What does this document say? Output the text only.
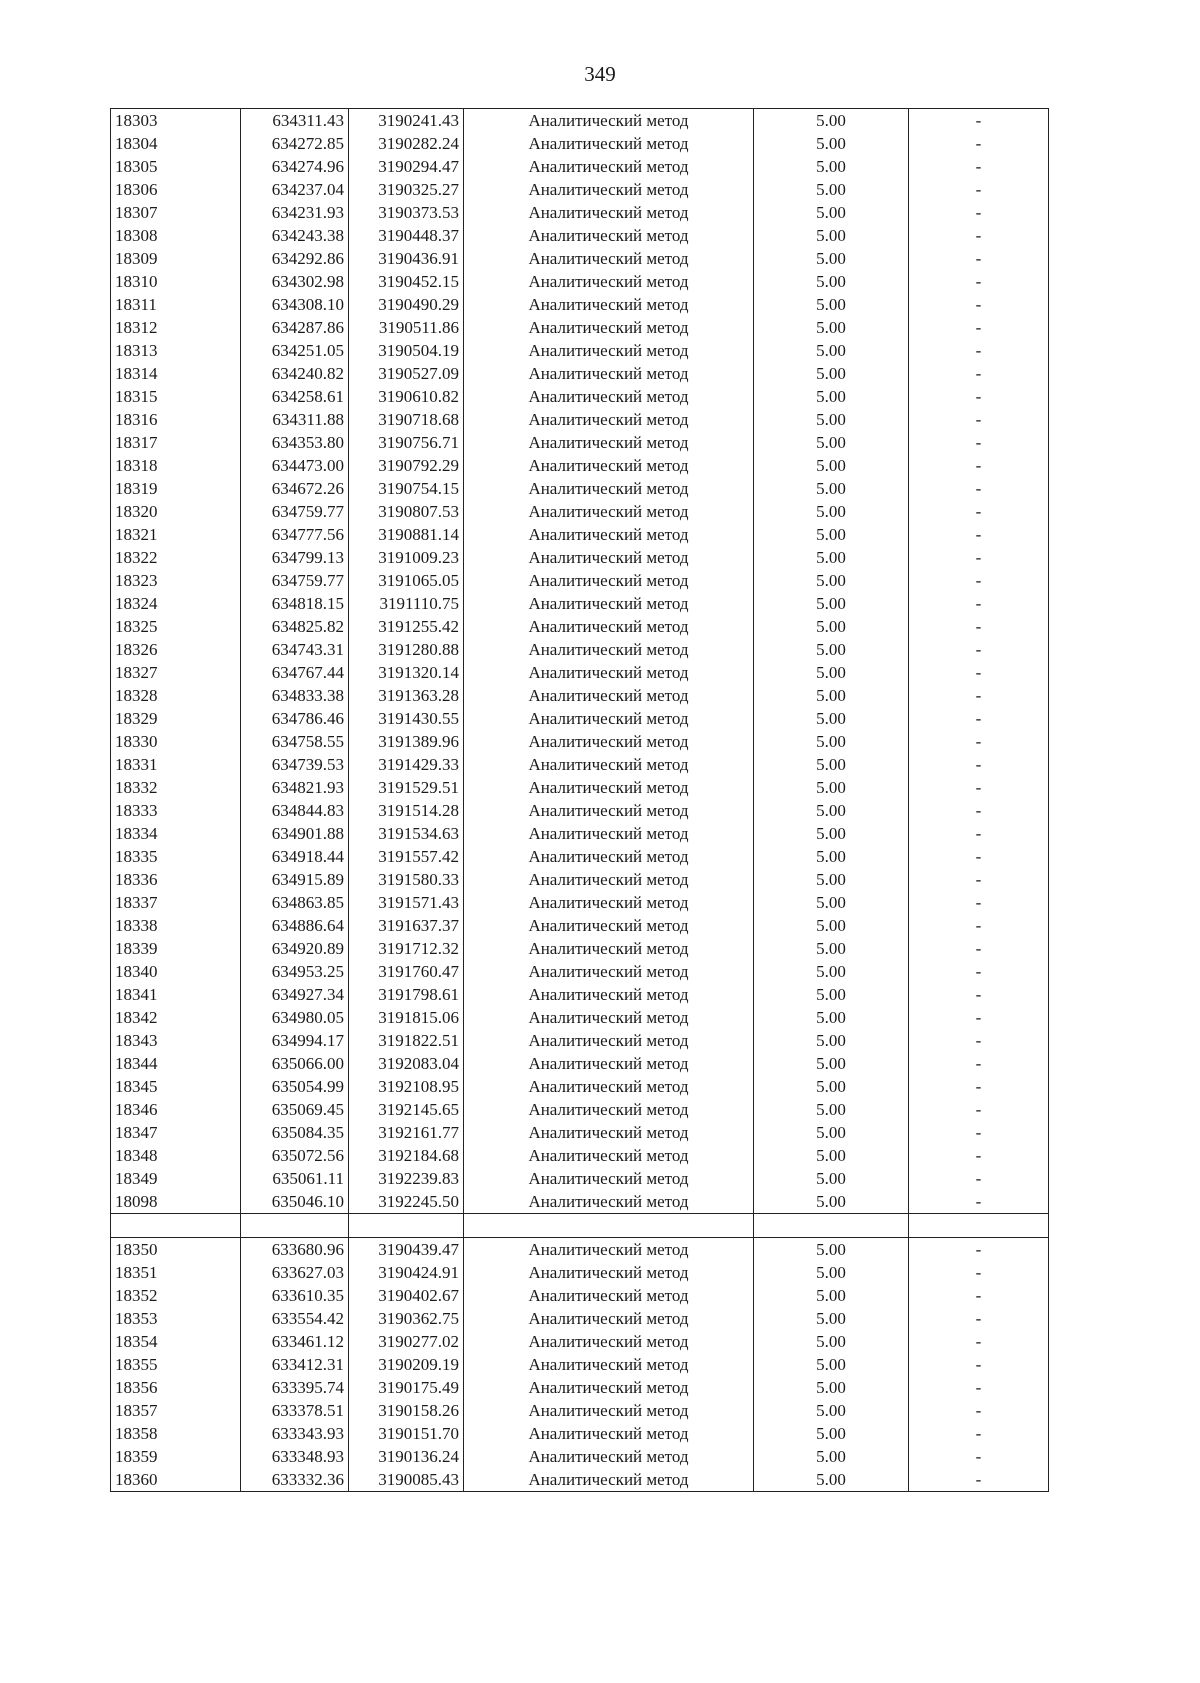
349
18303	634311.43	3190241.43	Аналитический метод	5.00	-
18304	634272.85	3190282.24	Аналитический метод	5.00	-
18305	634274.96	3190294.47	Аналитический метод	5.00	-
18306	634237.04	3190325.27	Аналитический метод	5.00	-
18307	634231.93	3190373.53	Аналитический метод	5.00	-
18308	634243.38	3190448.37	Аналитический метод	5.00	-
18309	634292.86	3190436.91	Аналитический метод	5.00	-
18310	634302.98	3190452.15	Аналитический метод	5.00	-
18311	634308.10	3190490.29	Аналитический метод	5.00	-
18312	634287.86	3190511.86	Аналитический метод	5.00	-
18313	634251.05	3190504.19	Аналитический метод	5.00	-
18314	634240.82	3190527.09	Аналитический метод	5.00	-
18315	634258.61	3190610.82	Аналитический метод	5.00	-
18316	634311.88	3190718.68	Аналитический метод	5.00	-
18317	634353.80	3190756.71	Аналитический метод	5.00	-
18318	634473.00	3190792.29	Аналитический метод	5.00	-
18319	634672.26	3190754.15	Аналитический метод	5.00	-
18320	634759.77	3190807.53	Аналитический метод	5.00	-
18321	634777.56	3190881.14	Аналитический метод	5.00	-
18322	634799.13	3191009.23	Аналитический метод	5.00	-
18323	634759.77	3191065.05	Аналитический метод	5.00	-
18324	634818.15	3191110.75	Аналитический метод	5.00	-
18325	634825.82	3191255.42	Аналитический метод	5.00	-
18326	634743.31	3191280.88	Аналитический метод	5.00	-
18327	634767.44	3191320.14	Аналитический метод	5.00	-
18328	634833.38	3191363.28	Аналитический метод	5.00	-
18329	634786.46	3191430.55	Аналитический метод	5.00	-
18330	634758.55	3191389.96	Аналитический метод	5.00	-
18331	634739.53	3191429.33	Аналитический метод	5.00	-
18332	634821.93	3191529.51	Аналитический метод	5.00	-
18333	634844.83	3191514.28	Аналитический метод	5.00	-
18334	634901.88	3191534.63	Аналитический метод	5.00	-
18335	634918.44	3191557.42	Аналитический метод	5.00	-
18336	634915.89	3191580.33	Аналитический метод	5.00	-
18337	634863.85	3191571.43	Аналитический метод	5.00	-
18338	634886.64	3191637.37	Аналитический метод	5.00	-
18339	634920.89	3191712.32	Аналитический метод	5.00	-
18340	634953.25	3191760.47	Аналитический метод	5.00	-
18341	634927.34	3191798.61	Аналитический метод	5.00	-
18342	634980.05	3191815.06	Аналитический метод	5.00	-
18343	634994.17	3191822.51	Аналитический метод	5.00	-
18344	635066.00	3192083.04	Аналитический метод	5.00	-
18345	635054.99	3192108.95	Аналитический метод	5.00	-
18346	635069.45	3192145.65	Аналитический метод	5.00	-
18347	635084.35	3192161.77	Аналитический метод	5.00	-
18348	635072.56	3192184.68	Аналитический метод	5.00	-
18349	635061.11	3192239.83	Аналитический метод	5.00	-
18098	635046.10	3192245.50	Аналитический метод	5.00	-

18350	633680.96	3190439.47	Аналитический метод	5.00	-
18351	633627.03	3190424.91	Аналитический метод	5.00	-
18352	633610.35	3190402.67	Аналитический метод	5.00	-
18353	633554.42	3190362.75	Аналитический метод	5.00	-
18354	633461.12	3190277.02	Аналитический метод	5.00	-
18355	633412.31	3190209.19	Аналитический метод	5.00	-
18356	633395.74	3190175.49	Аналитический метод	5.00	-
18357	633378.51	3190158.26	Аналитический метод	5.00	-
18358	633343.93	3190151.70	Аналитический метод	5.00	-
18359	633348.93	3190136.24	Аналитический метод	5.00	-
18360	633332.36	3190085.43	Аналитический метод	5.00	-
